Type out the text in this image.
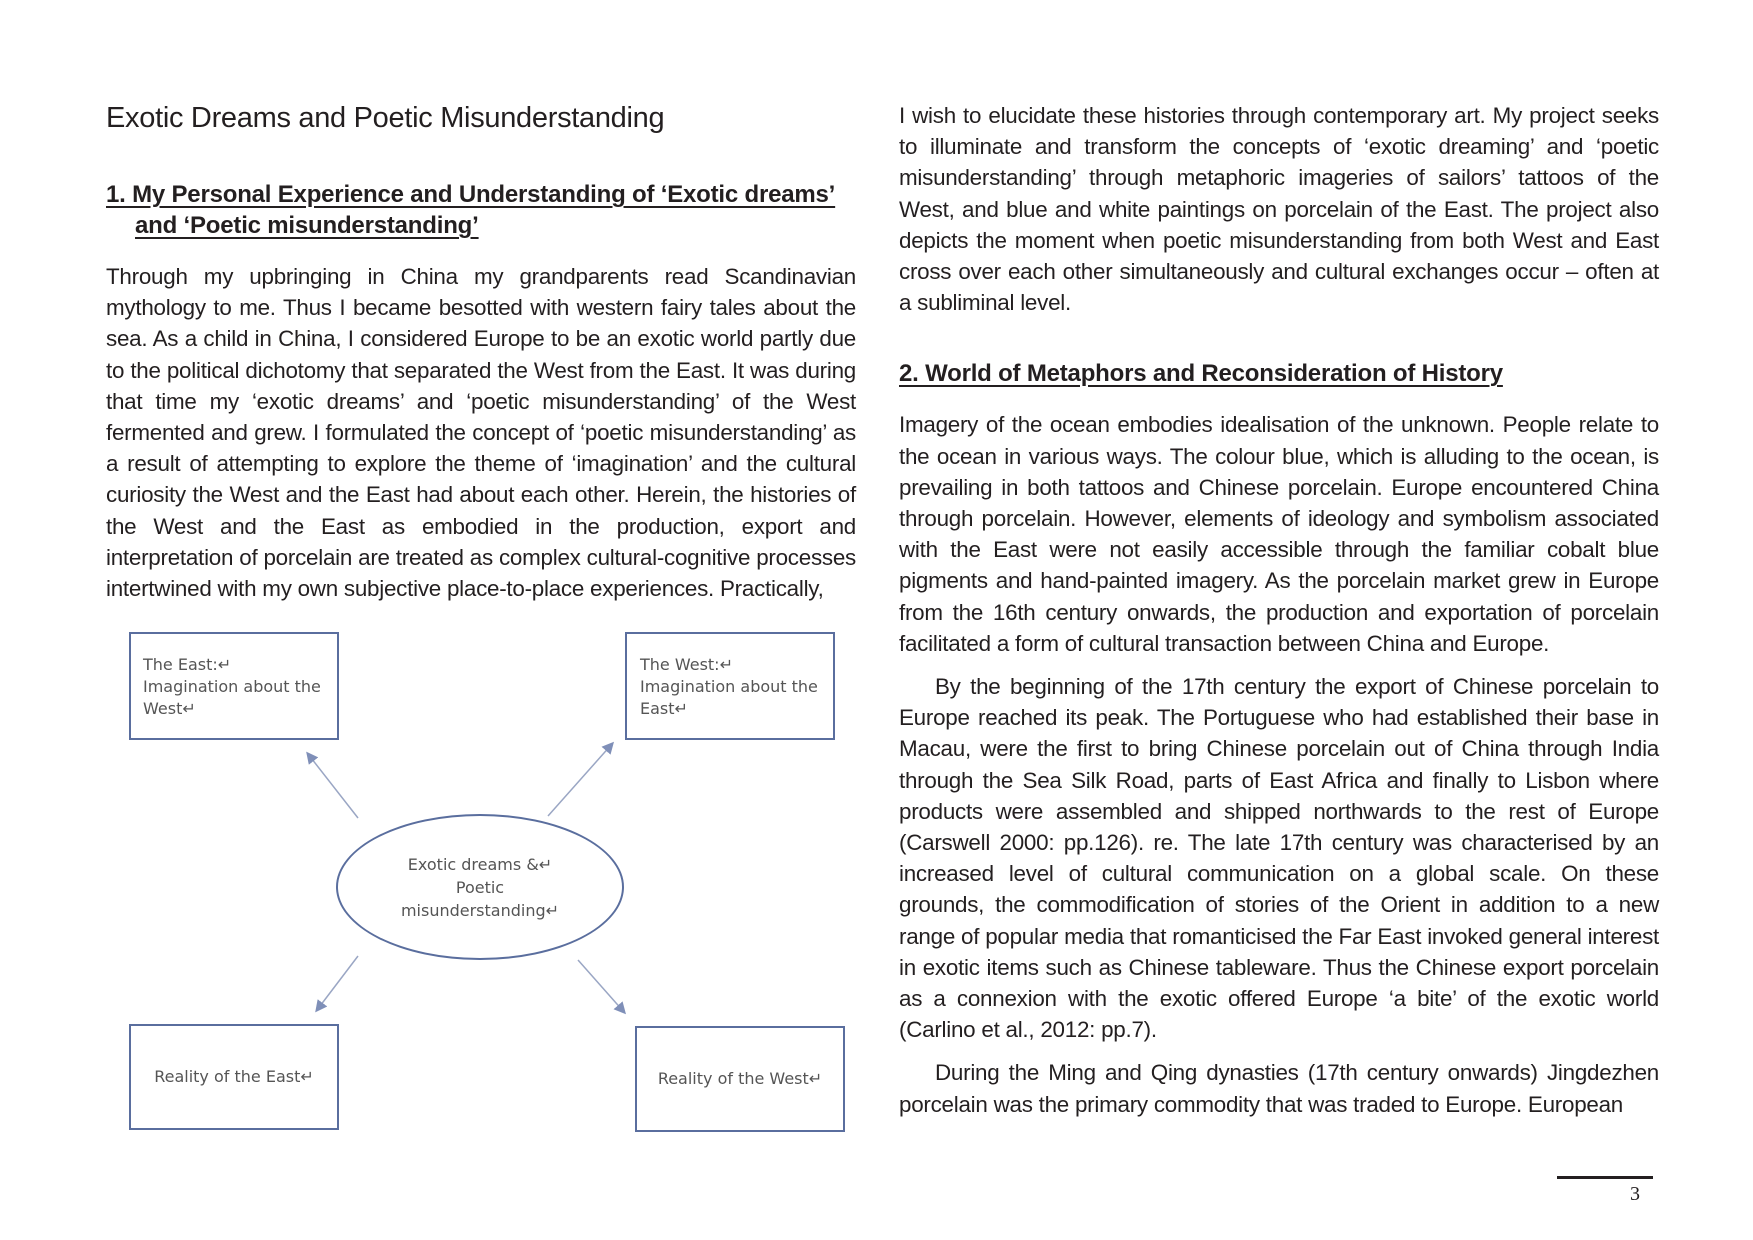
Exotic Dreams and Poetic Misunderstanding
1. My Personal Experience and Understanding of ‘Exotic dreams’
and ‘Poetic misunderstanding’

Through my upbringing in China my grandparents read Scandinavian mythology to me. Thus I became besotted with western fairy tales about the sea. As a child in China, I considered Europe to be an exotic world partly due to the political dichotomy that separated the West from the East. It was during that time my ‘exotic dreams’ and ‘poetic misunderstanding’ of the West fermented and grew. I formulated the concept of ‘poetic misunderstanding’ as a result of attempting to explore the theme of ‘imagination’ and the cultural curiosity the West and the East had about each other. Herein, the histories of the West and the East as embodied in the production, export and interpretation of porcelain are treated as complex cultural-cognitive processes intertwined with my own subjective place-to-place experiences. Practically,

The East:↵
Imagination about the
West↵
The West:↵
Imagination about the
East↵
Exotic dreams &↵
Poetic
misunderstanding↵
Reality of the East↵	Reality of the West↵

I wish to elucidate these histories through contemporary art. My project seeks to illuminate and transform the concepts of ‘exotic dreaming’ and ‘poetic misunderstanding’ through metaphoric imageries of sailors’ tattoos of the West, and blue and white paintings on porcelain of the East. The project also depicts the moment when poetic misunderstanding from both West and East cross over each other simultaneously and cultural exchanges occur – often at a subliminal level.

2. World of Metaphors and Reconsideration of History

Imagery of the ocean embodies idealisation of the unknown. People relate to the ocean in various ways. The colour blue, which is alluding to the ocean, is prevailing in both tattoos and Chinese porcelain. Europe encountered China through porcelain. However, elements of ideology and symbolism associated with the East were not easily accessible through the familiar cobalt blue pigments and hand-painted imagery. As the porcelain market grew in Europe from the 16th century onwards, the production and exportation of porcelain facilitated a form of cultural transaction between China and Europe.

By the beginning of the 17th century the export of Chinese porcelain to Europe reached its peak. The Portuguese who had established their base in Macau, were the first to bring Chinese porcelain out of China through India through the Sea Silk Road, parts of East Africa and finally to Lisbon where products were assembled and shipped northwards to the rest of Europe (Carswell 2000: pp.126). re. The late 17th century was characterised by an increased level of cultural communication on a global scale. On these grounds, the commodification of stories of the Orient in addition to a new range of popular media that romanticised the Far East invoked general interest in exotic items such as Chinese tableware. Thus the Chinese export porcelain as a connexion with the exotic offered Europe ‘a bite’ of the exotic world (Carlino et al., 2012: pp.7).

During the Ming and Qing dynasties (17th century onwards) Jingdezhen porcelain was the primary commodity that was traded to Europe. European

3
